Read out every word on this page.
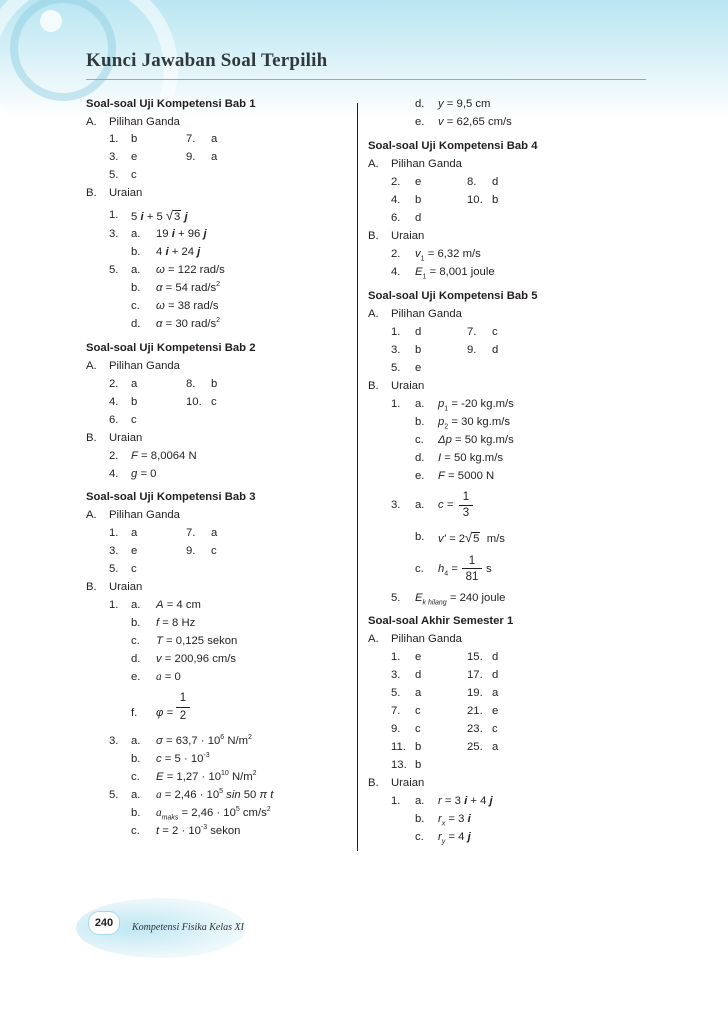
Kunci Jawaban Soal Terpilih
Soal-soal Uji Kompetensi Bab 1
A. Pilihan Ganda
1. b	7. a
3. e	9. a
5. c
B. Uraian
1. 5 i + 5 √3 j
3. a. 19 i + 96 j
b. 4 i + 24 j
5. a. ω = 122 rad/s
b. α = 54 rad/$s^2$
c. ω = 38 rad/s
d. α = 30 rad/$s^2$
Soal-soal Uji Kompetensi Bab 2
A. Pilihan Ganda
2. a	8. b
4. b	10. c
6. c
B. Uraian
2. F = 8,0064 N
4. g = 0
Soal-soal Uji Kompetensi Bab 3
A. Pilihan Ganda
1. a	7. a
3. e	9. c
5. c
B. Uraian
1. a. A = 4 cm
b. f = 8 Hz
c. T = 0,125 sekon
d. v = 200,96 cm/s
e. a = 0
f. φ =
1
2
3. a. $\sigma = 63,7 \cdot 10^6$ $N/m^2$
b. $c = 5 \cdot 10^{-3}$
c. $E = 1,27 \cdot 10^{10}$ $N/m^2$
5. a. $a = 2,46 \cdot 10^5$ sin 50 π t
b. $a_{maks} = 2,46 \cdot 10^5$ $cm/s^2$
c. $t = 2 \cdot 10^{-3}$ sekon
d. y = 9,5 cm
e. v = 62,65 cm/s
Soal-soal Uji Kompetensi Bab 4
A. Pilihan Ganda
2. e	8. d
4. b	10. b
6. d
B. Uraian
2. $v_1 = 6,32$ m/s
4. $E_1 = 8,001$ joule
Soal-soal Uji Kompetensi Bab 5
A. Pilihan Ganda
1. d	7. c
3. b	9. d
5. e
B. Uraian
1. a. $p_1 = -20$ kg.m/s
b. $p_2 = 30$ kg.m/s
c. Δp = 50 kg.m/s
d. I = 50 kg.m/s
e. F = 5000 N
3. a. c =
1
3
b. v' = 2√5 m/s
c. $h_4$ =
1
81
s
5. $E_{k hilang} = 240$ joule
Soal-soal Akhir Semester 1
A. Pilihan Ganda
1. e	15. d
3. d	17. d
5. a	19. a
7. c	21. e
9. c	23. c
11. b	25. a
13. b
B. Uraian
1. a. r = 3 i + 4 j
b. $r_x = 3$ i
c. $r_y = 4$ j
240	Kompetensi Fisika Kelas XI
